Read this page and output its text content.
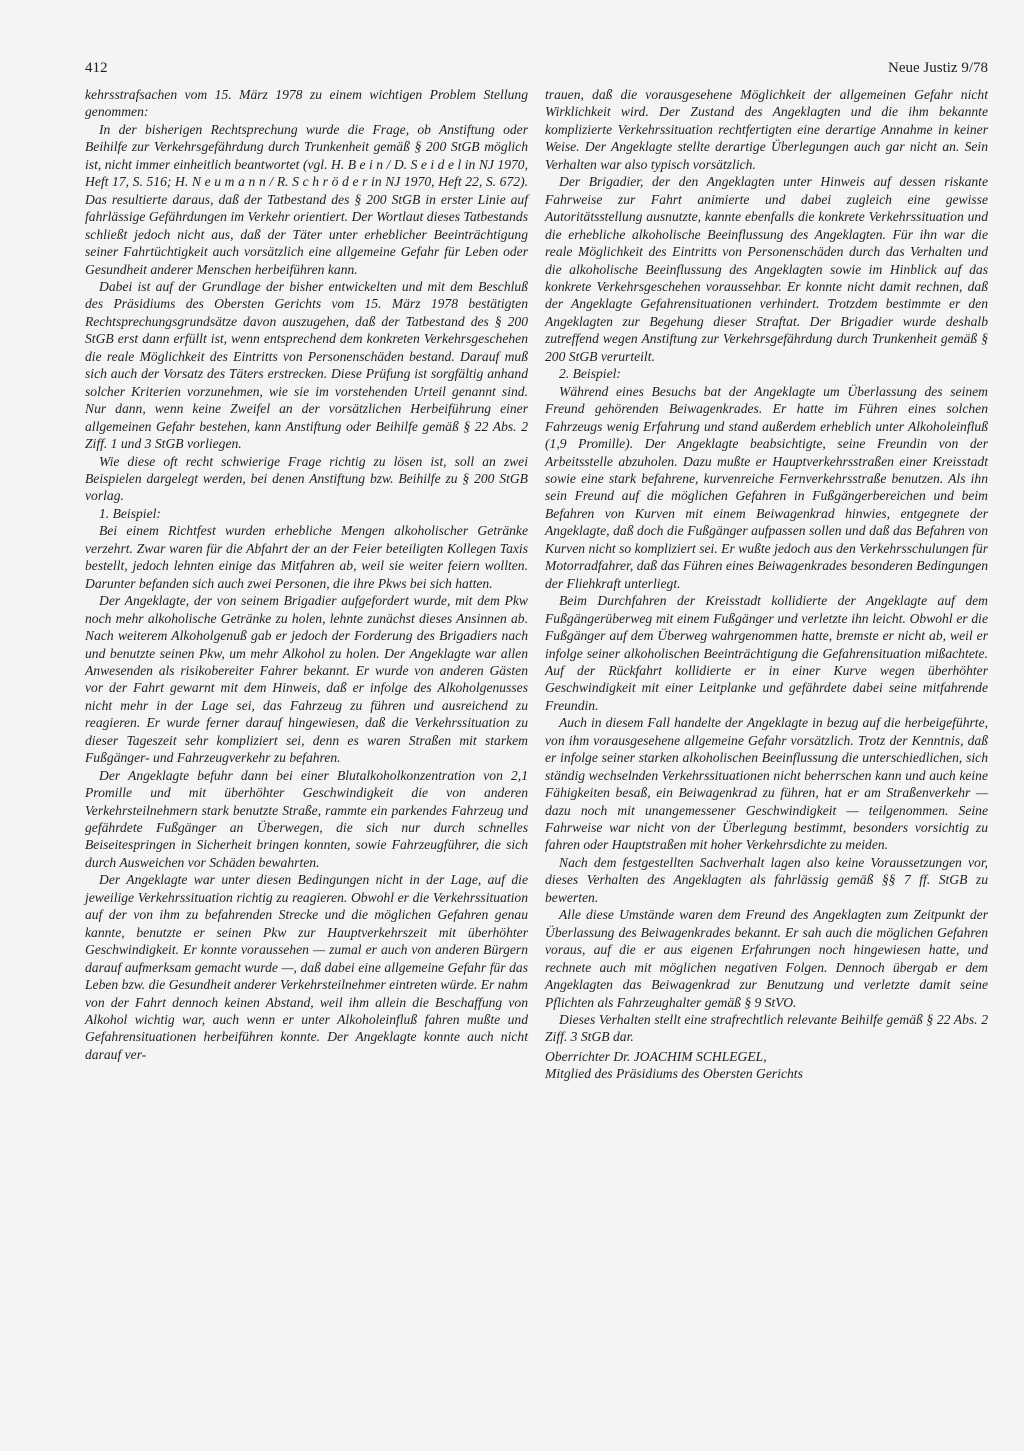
412	Neue Justiz 9/78

kehrsstrafsachen vom 15. März 1978 zu einem wichtigen Problem Stellung genommen:

In der bisherigen Rechtsprechung wurde die Frage, ob Anstiftung oder Beihilfe zur Verkehrsgefährdung durch Trunkenheit gemäß § 200 StGB möglich ist, nicht immer einheitlich beantwortet (vgl. H. B e i n / D. S e i d e l in NJ 1970, Heft 17, S. 516; H. N e u m a n n / R. S c h r ö d e r in NJ 1970, Heft 22, S. 672). Das resultierte daraus, daß der Tatbestand des § 200 StGB in erster Linie auf fahrlässige Gefährdungen im Verkehr orientiert. Der Wortlaut dieses Tatbestands schließt jedoch nicht aus, daß der Täter unter erheblicher Beeinträchtigung seiner Fahrtüchtigkeit auch vorsätzlich eine allgemeine Gefahr für Leben oder Gesundheit anderer Menschen herbeiführen kann.

Dabei ist auf der Grundlage der bisher entwickelten und mit dem Beschluß des Präsidiums des Obersten Gerichts vom 15. März 1978 bestätigten Rechtsprechungsgrundsätze davon auszugehen, daß der Tatbestand des § 200 StGB erst dann erfüllt ist, wenn entsprechend dem konkreten Verkehrsgeschehen die reale Möglichkeit des Eintritts von Personenschäden bestand. Darauf muß sich auch der Vorsatz des Täters erstrecken. Diese Prüfung ist sorgfältig anhand solcher Kriterien vorzunehmen, wie sie im vorstehenden Urteil genannt sind. Nur dann, wenn keine Zweifel an der vorsätzlichen Herbeiführung einer allgemeinen Gefahr bestehen, kann Anstiftung oder Beihilfe gemäß § 22 Abs. 2 Ziff. 1 und 3 StGB vorliegen.

Wie diese oft recht schwierige Frage richtig zu lösen ist, soll an zwei Beispielen dargelegt werden, bei denen Anstiftung bzw. Beihilfe zu § 200 StGB vorlag.

1. Beispiel:

Bei einem Richtfest wurden erhebliche Mengen alkoholischer Getränke verzehrt. Zwar waren für die Abfahrt der an der Feier beteiligten Kollegen Taxis bestellt, jedoch lehnten einige das Mitfahren ab, weil sie weiter feiern wollten. Darunter befanden sich auch zwei Personen, die ihre Pkws bei sich hatten.

Der Angeklagte, der von seinem Brigadier aufgefordert wurde, mit dem Pkw noch mehr alkoholische Getränke zu holen, lehnte zunächst dieses Ansinnen ab. Nach weiterem Alkoholgenuß gab er jedoch der Forderung des Brigadiers nach und benutzte seinen Pkw, um mehr Alkohol zu holen. Der Angeklagte war allen Anwesenden als risikobereiter Fahrer bekannt. Er wurde von anderen Gästen vor der Fahrt gewarnt mit dem Hinweis, daß er infolge des Alkoholgenusses nicht mehr in der Lage sei, das Fahrzeug zu führen und ausreichend zu reagieren. Er wurde ferner darauf hingewiesen, daß die Verkehrssituation zu dieser Tageszeit sehr kompliziert sei, denn es waren Straßen mit starkem Fußgänger- und Fahrzeugverkehr zu befahren.

Der Angeklagte befuhr dann bei einer Blutalkoholkonzentration von 2,1 Promille und mit überhöhter Geschwindigkeit die von anderen Verkehrsteilnehmern stark benutzte Straße, rammte ein parkendes Fahrzeug und gefährdete Fußgänger an Überwegen, die sich nur durch schnelles Beiseitespringen in Sicherheit bringen konnten, sowie Fahrzeugführer, die sich durch Ausweichen vor Schäden bewahrten.

Der Angeklagte war unter diesen Bedingungen nicht in der Lage, auf die jeweilige Verkehrssituation richtig zu reagieren. Obwohl er die Verkehrssituation auf der von ihm zu befahrenden Strecke und die möglichen Gefahren genau kannte, benutzte er seinen Pkw zur Hauptverkehrszeit mit überhöhter Geschwindigkeit. Er konnte voraussehen — zumal er auch von anderen Bürgern darauf aufmerksam gemacht wurde —, daß dabei eine allgemeine Gefahr für das Leben bzw. die Gesundheit anderer Verkehrsteilnehmer eintreten würde. Er nahm von der Fahrt dennoch keinen Abstand, weil ihm allein die Beschaffung von Alkohol wichtig war, auch wenn er unter Alkoholeinfluß fahren mußte und Gefahrensituationen herbeiführen konnte. Der Angeklagte konnte auch nicht darauf ver-

trauen, daß die vorausgesehene Möglichkeit der allgemeinen Gefahr nicht Wirklichkeit wird. Der Zustand des Angeklagten und die ihm bekannte komplizierte Verkehrssituation rechtfertigten eine derartige Annahme in keiner Weise. Der Angeklagte stellte derartige Überlegungen auch gar nicht an. Sein Verhalten war also typisch vorsätzlich.

Der Brigadier, der den Angeklagten unter Hinweis auf dessen riskante Fahrweise zur Fahrt animierte und dabei zugleich eine gewisse Autoritätsstellung ausnutzte, kannte ebenfalls die konkrete Verkehrssituation und die erhebliche alkoholische Beeinflussung des Angeklagten. Für ihn war die reale Möglichkeit des Eintritts von Personenschäden durch das Verhalten und die alkoholische Beeinflussung des Angeklagten sowie im Hinblick auf das konkrete Verkehrsgeschehen voraussehbar. Er konnte nicht damit rechnen, daß der Angeklagte Gefahrensituationen verhindert. Trotzdem bestimmte er den Angeklagten zur Begehung dieser Straftat. Der Brigadier wurde deshalb zutreffend wegen Anstiftung zur Verkehrsgefährdung durch Trunkenheit gemäß § 200 StGB verurteilt.

2. Beispiel:

Während eines Besuchs bat der Angeklagte um Überlassung des seinem Freund gehörenden Beiwagenkrades. Er hatte im Führen eines solchen Fahrzeugs wenig Erfahrung und stand außerdem erheblich unter Alkoholeinfluß (1,9 Promille). Der Angeklagte beabsichtigte, seine Freundin von der Arbeitsstelle abzuholen. Dazu mußte er Hauptverkehrsstraßen einer Kreisstadt sowie eine stark befahrene, kurvenreiche Fernverkehrsstraße benutzen. Als ihn sein Freund auf die möglichen Gefahren in Fußgängerbereichen und beim Befahren von Kurven mit einem Beiwagenkrad hinwies, entgegnete der Angeklagte, daß doch die Fußgänger aufpassen sollen und daß das Befahren von Kurven nicht so kompliziert sei. Er wußte jedoch aus den Verkehrsschulungen für Motorradfahrer, daß das Führen eines Beiwagenkrades besonderen Bedingungen der Fliehkraft unterliegt.

Beim Durchfahren der Kreisstadt kollidierte der Angeklagte auf dem Fußgängerüberweg mit einem Fußgänger und verletzte ihn leicht. Obwohl er die Fußgänger auf dem Überweg wahrgenommen hatte, bremste er nicht ab, weil er infolge seiner alkoholischen Beeinträchtigung die Gefahrensituation mißachtete. Auf der Rückfahrt kollidierte er in einer Kurve wegen überhöhter Geschwindigkeit mit einer Leitplanke und gefährdete dabei seine mitfahrende Freundin.

Auch in diesem Fall handelte der Angeklagte in bezug auf die herbeigeführte, von ihm vorausgesehene allgemeine Gefahr vorsätzlich. Trotz der Kenntnis, daß er infolge seiner starken alkoholischen Beeinflussung die unterschiedlichen, sich ständig wechselnden Verkehrssituationen nicht beherrschen kann und auch keine Fähigkeiten besaß, ein Beiwagenkrad zu führen, hat er am Straßenverkehr — dazu noch mit unangemessener Geschwindigkeit — teilgenommen. Seine Fahrweise war nicht von der Überlegung bestimmt, besonders vorsichtig zu fahren oder Hauptstraßen mit hoher Verkehrsdichte zu meiden.

Nach dem festgestellten Sachverhalt lagen also keine Voraussetzungen vor, dieses Verhalten des Angeklagten als fahrlässig gemäß §§ 7 ff. StGB zu bewerten.

Alle diese Umstände waren dem Freund des Angeklagten zum Zeitpunkt der Überlassung des Beiwagenkrades bekannt. Er sah auch die möglichen Gefahren voraus, auf die er aus eigenen Erfahrungen noch hingewiesen hatte, und rechnete auch mit möglichen negativen Folgen. Dennoch übergab er dem Angeklagten das Beiwagenkrad zur Benutzung und verletzte damit seine Pflichten als Fahrzeughalter gemäß § 9 StVO.

Dieses Verhalten stellt eine strafrechtlich relevante Beihilfe gemäß § 22 Abs. 2 Ziff. 3 StGB dar.

Oberrichter Dr. JOACHIM SCHLEGEL,

Mitglied des Präsidiums des Obersten Gerichts
